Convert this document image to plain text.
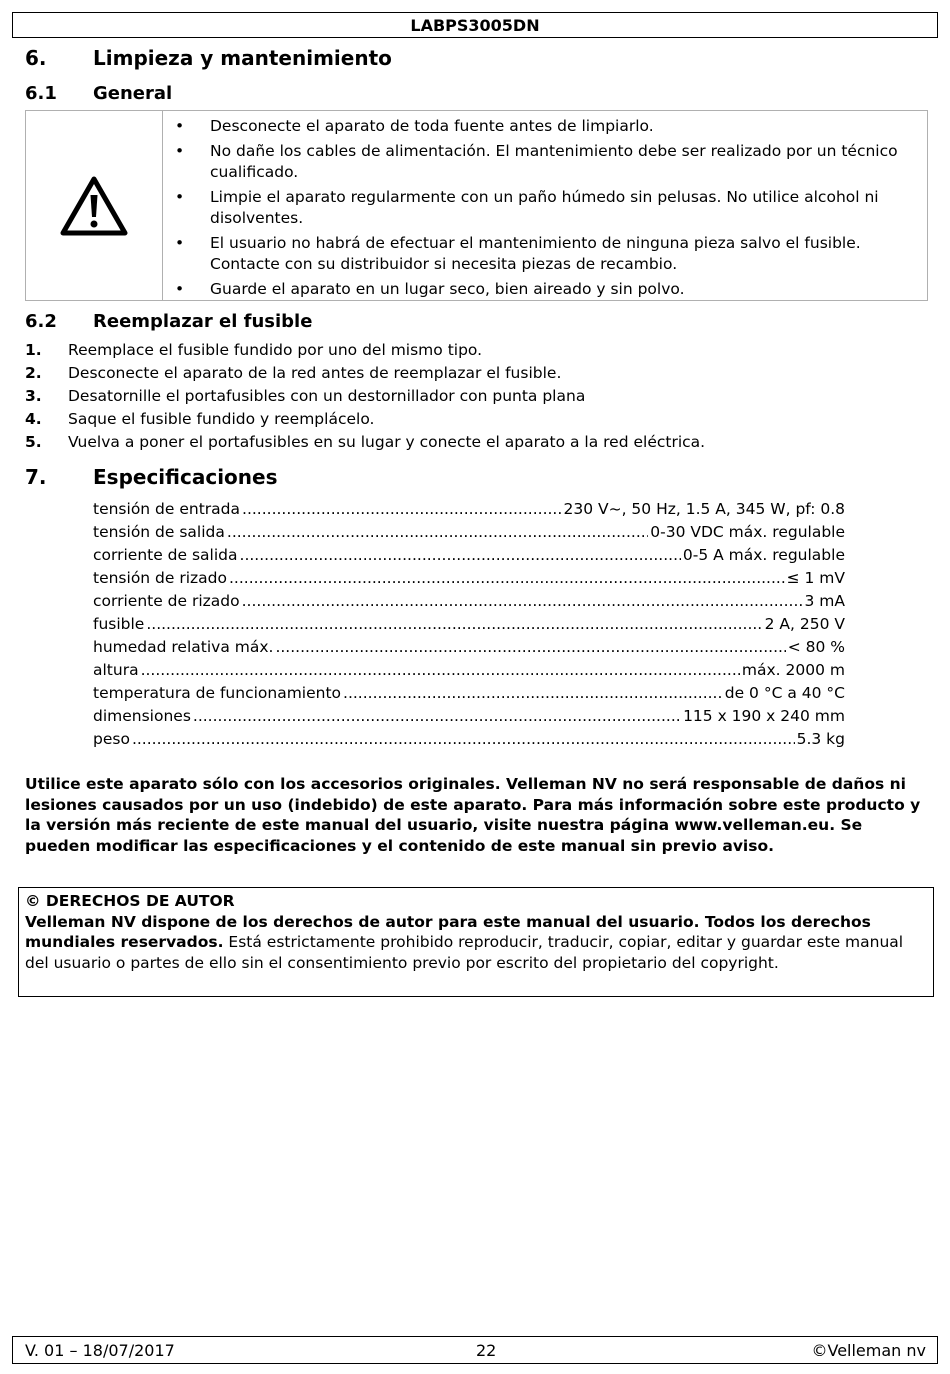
LABPS3005DN
6. Limpieza y mantenimiento
6.1 General
• Desconecte el aparato de toda fuente antes de limpiarlo.
• No dañe los cables de alimentación. El mantenimiento debe ser realizado por un técnico cualificado.
• Limpie el aparato regularmente con un paño húmedo sin pelusas. No utilice alcohol ni disolventes.
• El usuario no habrá de efectuar el mantenimiento de ninguna pieza salvo el fusible. Contacte con su distribuidor si necesita piezas de recambio.
• Guarde el aparato en un lugar seco, bien aireado y sin polvo.
6.2 Reemplazar el fusible
1.	Reemplace el fusible fundido por uno del mismo tipo.
2.	Desconecte el aparato de la red antes de reemplazar el fusible.
3.	Desatornille el portafusibles con un destornillador con punta plana
4.	Saque el fusible fundido y reemplácelo.
5.	Vuelva a poner el portafusibles en su lugar y conecte el aparato a la red eléctrica.
7. Especificaciones
tensión de entrada .....	230 V~, 50 Hz, 1.5 A, 345 W, pf: 0.8
tensión de salida .....	0-30 VDC máx. regulable
corriente de salida .....	0-5 A máx. regulable
tensión de rizado .....	≤ 1 mV
corriente de rizado .....	3 mA
fusible .....	2 A, 250 V
humedad relativa máx. .....	< 80 %
altura .....	máx. 2000 m
temperatura de funcionamiento .....	de 0 °C a 40 °C
dimensiones .....	115 x 190 x 240 mm
peso .....	5.3 kg

Utilice este aparato sólo con los accesorios originales. Velleman NV no será responsable de daños ni lesiones causados por un uso (indebido) de este aparato. Para más información sobre este producto y la versión más reciente de este manual del usuario, visite nuestra página www.velleman.eu. Se pueden modificar las especificaciones y el contenido de este manual sin previo aviso.

© DERECHOS DE AUTOR
Velleman NV dispone de los derechos de autor para este manual del usuario. Todos los derechos mundiales reservados. Está estrictamente prohibido reproducir, traducir, copiar, editar y guardar este manual del usuario o partes de ello sin el consentimiento previo por escrito del propietario del copyright.
V. 01 – 18/07/2017	22	©Velleman nv
